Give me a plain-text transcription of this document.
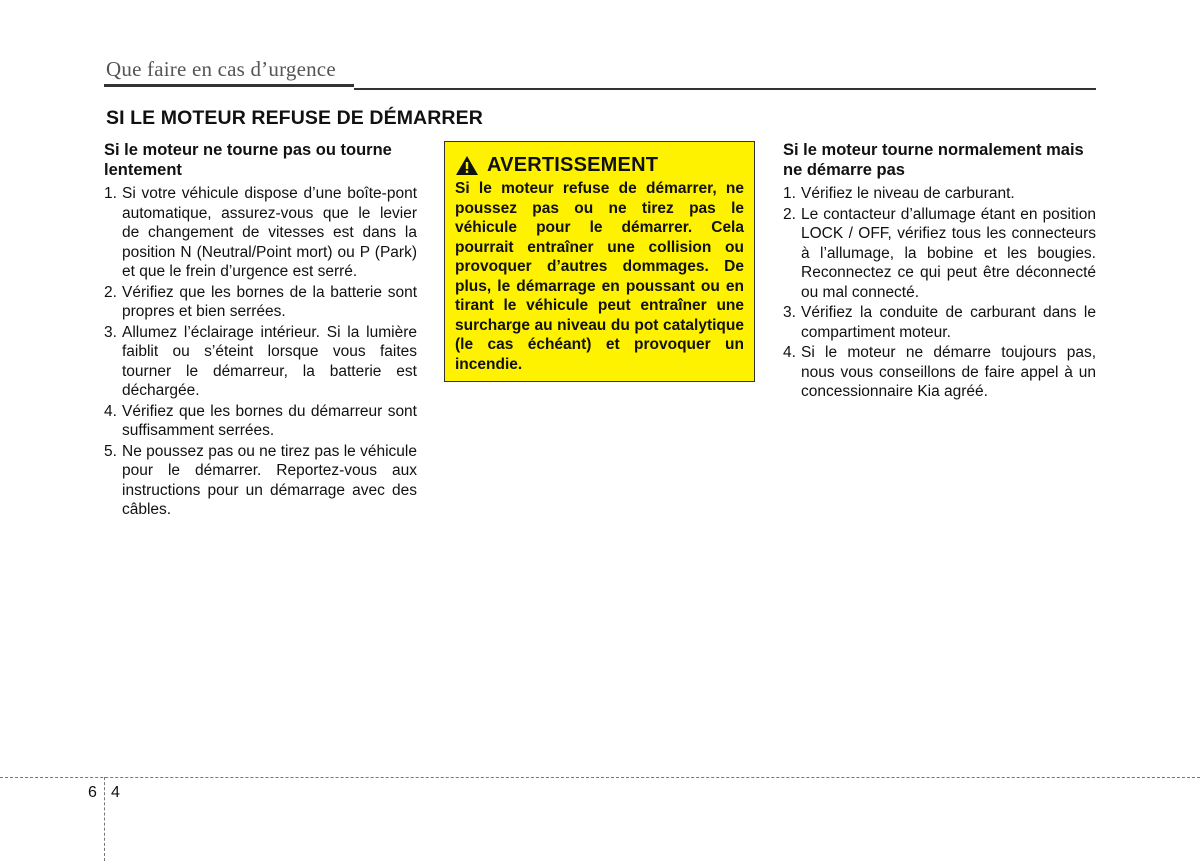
Que faire en cas d’urgence
SI LE MOTEUR REFUSE DE DÉMARRER
Si le moteur ne tourne pas ou tourne lentement
1. Si votre véhicule dispose d’une boîte-pont automatique, assurez-vous que le levier de changement de vitesses est dans la position N (Neutral/Point mort) ou P (Park) et que le frein d’urgence est serré.
2. Vérifiez que les bornes de la batterie sont propres et bien serrées.
3. Allumez l’éclairage intérieur. Si la lumière faiblit ou s’éteint lorsque vous faites tourner le démarreur, la batterie est déchargée.
4. Vérifiez que les bornes du démarreur sont suffisamment serrées.
5. Ne poussez pas ou ne tirez pas le véhicule pour le démarrer. Reportez-vous aux instructions pour un démarrage avec des câbles.
AVERTISSEMENT

Si le moteur refuse de démarrer, ne poussez pas ou ne tirez pas le véhicule pour le démarrer. Cela pourrait entraîner une collision ou provoquer d’autres dommages. De plus, le démarrage en poussant ou en tirant le véhicule peut entraîner une surcharge au niveau du pot catalytique (le cas échéant) et provoquer un incendie.

Si le moteur tourne normalement mais ne démarre pas
1. Vérifiez le niveau de carburant.
2. Le contacteur d’allumage étant en position LOCK / OFF, vérifiez tous les connecteurs à l’allumage, la bobine et les bougies. Reconnectez ce qui peut être déconnecté ou mal connecté.
3. Vérifiez la conduite de carburant dans le compartiment moteur.
4. Si le moteur ne démarre toujours pas, nous vous conseillons de faire appel à un concessionnaire Kia agréé.
6 4
